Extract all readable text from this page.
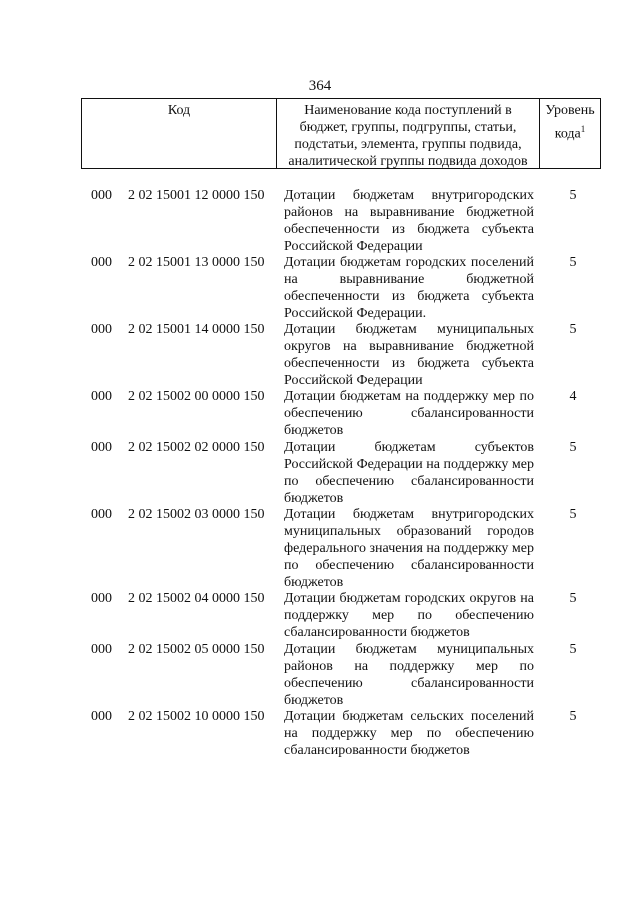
364
Код	Наименование кода поступлений в бюджет, группы, подгруппы, статьи, подстатьи, элемента, группы подвида, аналитической группы подвида доходов
Уровень кода$^1$
000 2 02 15001 12 0000 150 Дотации бюджетам внутригородских районов на выравнивание бюджетной обеспеченности из бюджета субъекта Российской Федерации
5
000 2 02 15001 13 0000 150 Дотации бюджетам городских поселений на выравнивание бюджетной обеспеченности из бюджета субъекта Российской Федерации.
5
000 2 02 15001 14 0000 150 Дотации бюджетам муниципальных округов на выравнивание бюджетной обеспеченности из бюджета субъекта Российской Федерации
5
000 2 02 15002 00 0000 150 Дотации бюджетам на поддержку мер по обеспечению сбалансированности бюджетов
4
000 2 02 15002 02 0000 150 Дотации бюджетам субъектов Российской Федерации на поддержку мер по обеспечению сбалансированности бюджетов
5
000 2 02 15002 03 0000 150 Дотации бюджетам внутригородских муниципальных образований городов федерального значения на поддержку мер по обеспечению сбалансированности бюджетов
5
000 2 02 15002 04 0000 150 Дотации бюджетам городских округов на поддержку мер по обеспечению сбалансированности бюджетов
5
000 2 02 15002 05 0000 150 Дотации бюджетам муниципальных районов на поддержку мер по обеспечению сбалансированности бюджетов
5
000 2 02 15002 10 0000 150 Дотации бюджетам сельских поселений на поддержку мер по обеспечению сбалансированности бюджетов
5
